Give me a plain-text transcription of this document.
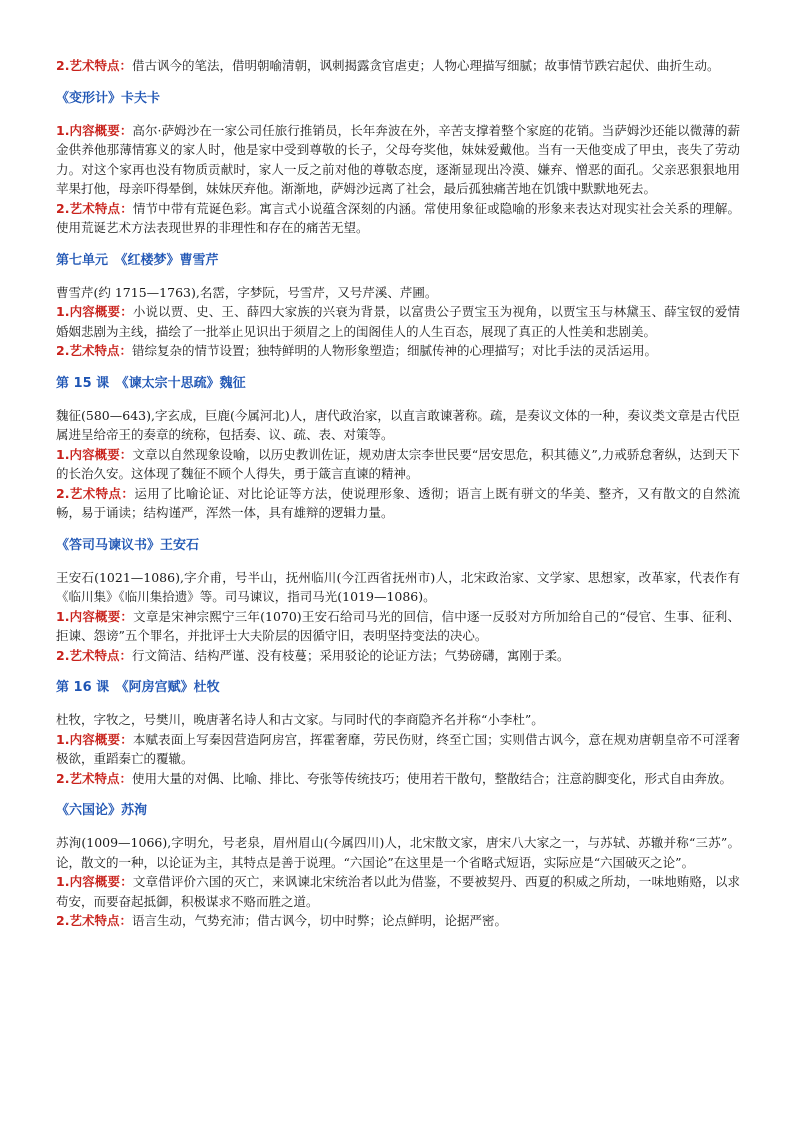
2.艺术特点：借古讽今的笔法，借明朝喻清朝，讽刺揭露贪官虐吏；人物心理描写细腻；故事情节跌宕起伏、曲折生动。

《变形计》卡夫卡

1.内容概要：高尔·萨姆沙在一家公司任旅行推销员，长年奔波在外，辛苦支撑着整个家庭的花销。当萨姆沙还能以微薄的薪金供养他那薄情寡义的家人时，他是家中受到尊敬的长子，父母夸奖他，妹妹爱戴他。当有一天他变成了甲虫，丧失了劳动力。对这个家再也没有物质贡献时，家人一反之前对他的尊敬态度，逐渐显现出冷漠、嫌弃、憎恶的面孔。父亲恶狠狠地用苹果打他，母亲吓得晕倒，妹妹厌弃他。渐渐地，萨姆沙远离了社会，最后孤独痛苦地在饥饿中默默地死去。

2.艺术特点：情节中带有荒诞色彩。寓言式小说蕴含深刻的内涵。常使用象征或隐喻的形象来表达对现实社会关系的理解。使用荒诞艺术方法表现世界的非理性和存在的痛苦无望。

第七单元　《红楼梦》曹雪芹

曹雪芹(约 1715—1763),名霑，字梦阮，号雪芹，又号芹溪、芹圃。

1.内容概要：小说以贾、史、王、薛四大家族的兴衰为背景，以富贵公子贾宝玉为视角，以贾宝玉与林黛玉、薛宝钗的爱情婚姻悲剧为主线，描绘了一批举止见识出于须眉之上的闺阁佳人的人生百态，展现了真正的人性美和悲剧美。

2.艺术特点：错综复杂的情节设置；独特鲜明的人物形象塑造；细腻传神的心理描写；对比手法的灵活运用。

第 15 课　《谏太宗十思疏》魏征

魏征(580—643),字玄成，巨鹿(今属河北)人，唐代政治家，以直言敢谏著称。疏，是奏议文体的一种，奏议类文章是古代臣属进呈给帝王的奏章的统称，包括奏、议、疏、表、对策等。

1.内容概要：文章以自然现象设喻，以历史教训佐证，规劝唐太宗李世民要“居安思危，积其德义”,力戒骄怠奢纵，达到天下的长治久安。这体现了魏征不顾个人得失，勇于箴言直谏的精神。

2.艺术特点：运用了比喻论证、对比论证等方法，使说理形象、透彻；语言上既有骈文的华美、整齐，又有散文的自然流畅，易于诵读；结构谨严，浑然一体，具有雄辩的逻辑力量。

《答司马谏议书》王安石

王安石(1021—1086),字介甫，号半山，抚州临川(今江西省抚州市)人，北宋政治家、文学家、思想家，改革家，代表作有《临川集》《临川集拾遗》等。司马谏议，指司马光(1019—1086)。

1.内容概要：文章是宋神宗熙宁三年(1070)王安石给司马光的回信，信中逐一反驳对方所加给自己的“侵官、生事、征利、拒谏、怨谤”五个罪名，并批评士大夫阶层的因循守旧，表明坚持变法的决心。

2.艺术特点：行文简洁、结构严谨、没有枝蔓；采用驳论的论证方法；气势磅礴，寓刚于柔。

第 16 课　《阿房宫赋》杜牧

杜牧，字牧之，号樊川，晚唐著名诗人和古文家。与同时代的李商隐齐名并称“小李杜”。

1.内容概要：本赋表面上写秦因营造阿房宫，挥霍奢靡，劳民伤财，终至亡国；实则借古讽今，意在规劝唐朝皇帝不可淫奢极欲，重蹈秦亡的覆辙。

2.艺术特点：使用大量的对偶、比喻、排比、夸张等传统技巧；使用若干散句，整散结合；注意韵脚变化，形式自由奔放。

《六国论》苏洵

苏洵(1009—1066),字明允，号老泉，眉州眉山(今属四川)人，北宋散文家，唐宋八大家之一，与苏轼、苏辙并称“三苏”。论，散文的一种，以论证为主，其特点是善于说理。“六国论”在这里是一个省略式短语，实际应是“六国破灭之论”。

1.内容概要：文章借评价六国的灭亡，来讽谏北宋统治者以此为借鉴，不要被契丹、西夏的积威之所劫，一味地贿赂，以求苟安，而要奋起抵御，积极谋求不赂而胜之道。

2.艺术特点：语言生动，气势充沛；借古讽今，切中时弊；论点鲜明，论据严密。
